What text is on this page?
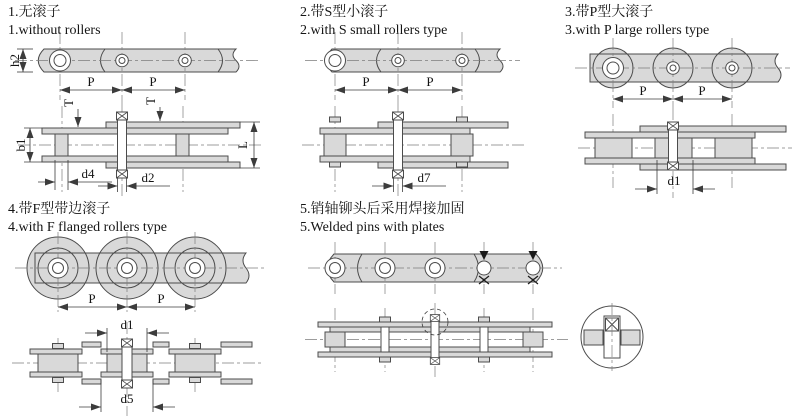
1.无滚子
1.without rollers
h2
P	P
b1	L
T	T
d4	d2
2.带S型小滚子
2.with S small rollers type
P	P
d7
3.带P型大滚子
3.with P large rollers type
P	P
d1
4.带F型带边滚子
4.with F flanged rollers type
P	P
d1
d5
5.销轴铆头后采用焊接加固
5.Welded pins with plates
